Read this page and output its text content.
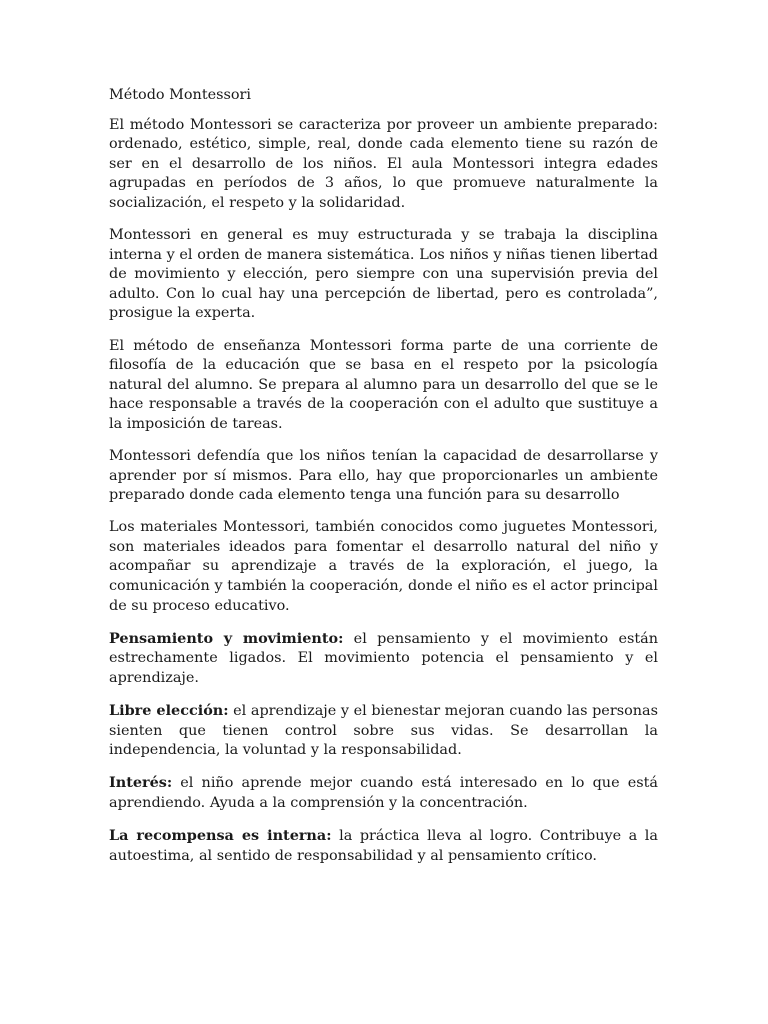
Método Montessori

El método Montessori se caracteriza por proveer un ambiente preparado: ordenado, estético, simple, real, donde cada elemento tiene su razón de ser en el desarrollo de los niños. El aula Montessori integra edades agrupadas en períodos de 3 años, lo que promueve naturalmente la socialización, el respeto y la solidaridad.

Montessori en general es muy estructurada y se trabaja la disciplina interna y el orden de manera sistemática. Los niños y niñas tienen libertad de movimiento y elección, pero siempre con una supervisión previa del adulto. Con lo cual hay una percepción de libertad, pero es controlada”, prosigue la experta.

El método de enseñanza Montessori forma parte de una corriente de filosofía de la educación que se basa en el respeto por la psicología natural del alumno. Se prepara al alumno para un desarrollo del que se le hace responsable a través de la cooperación con el adulto que sustituye a la imposición de tareas.

Montessori defendía que los niños tenían la capacidad de desarrollarse y aprender por sí mismos. Para ello, hay que proporcionarles un ambiente preparado donde cada elemento tenga una función para su desarrollo

Los materiales Montessori, también conocidos como juguetes Montessori, son materiales ideados para fomentar el desarrollo natural del niño y acompañar su aprendizaje a través de la exploración, el juego, la comunicación y también la cooperación, donde el niño es el actor principal de su proceso educativo.

Pensamiento y movimiento: el pensamiento y el movimiento están estrechamente ligados. El movimiento potencia el pensamiento y el aprendizaje.

Libre elección: el aprendizaje y el bienestar mejoran cuando las personas sienten que tienen control sobre sus vidas. Se desarrollan la independencia, la voluntad y la responsabilidad.

Interés: el niño aprende mejor cuando está interesado en lo que está aprendiendo. Ayuda a la comprensión y la concentración.

La recompensa es interna: la práctica lleva al logro. Contribuye a la autoestima, al sentido de responsabilidad y al pensamiento crítico.
